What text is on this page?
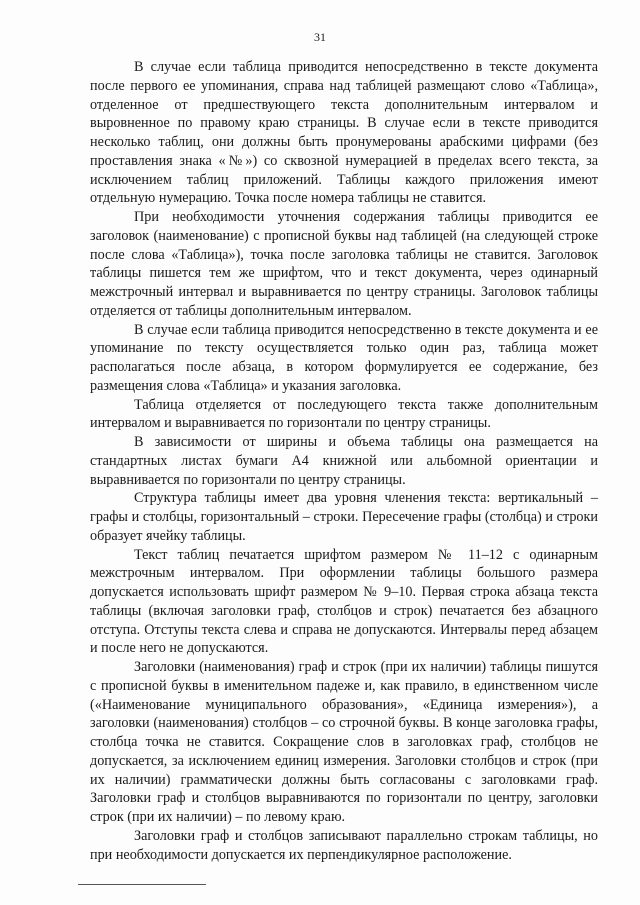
31

В случае если таблица приводится непосредственно в тексте документа после первого ее упоминания, справа над таблицей размещают слово «Таблица», отделенное от предшествующего текста дополнительным интервалом и выровненное по правому краю страницы. В случае если в тексте приводится несколько таблиц, они должны быть пронумерованы арабскими цифрами (без проставления знака «№») со сквозной нумерацией в пределах всего текста, за исключением таблиц приложений. Таблицы каждого приложения имеют отдельную нумерацию. Точка после номера таблицы не ставится.

При необходимости уточнения содержания таблицы приводится ее заголовок (наименование) с прописной буквы над таблицей (на следующей строке после слова «Таблица»), точка после заголовка таблицы не ставится. Заголовок таблицы пишется тем же шрифтом, что и текст документа, через одинарный межстрочный интервал и выравнивается по центру страницы. Заголовок таблицы отделяется от таблицы дополнительным интервалом.

В случае если таблица приводится непосредственно в тексте документа и ее упоминание по тексту осуществляется только один раз, таблица может располагаться после абзаца, в котором формулируется ее содержание, без размещения слова «Таблица» и указания заголовка.

Таблица отделяется от последующего текста также дополнительным интервалом и выравнивается по горизонтали по центру страницы.

В зависимости от ширины и объема таблицы она размещается на стандартных листах бумаги А4 книжной или альбомной ориентации и выравнивается по горизонтали по центру страницы.

Структура таблицы имеет два уровня членения текста: вертикальный – графы и столбцы, горизонтальный – строки. Пересечение графы (столбца) и строки образует ячейку таблицы.

Текст таблиц печатается шрифтом размером № 11–12 с одинарным межстрочным интервалом. При оформлении таблицы большого размера допускается использовать шрифт размером № 9–10. Первая строка абзаца текста таблицы (включая заголовки граф, столбцов и строк) печатается без абзацного отступа. Отступы текста слева и справа не допускаются. Интервалы перед абзацем и после него не допускаются.

Заголовки (наименования) граф и строк (при их наличии) таблицы пишутся с прописной буквы в именительном падеже и, как правило, в единственном числе («Наименование муниципального образования», «Единица измерения»), а заголовки (наименования) столбцов – со строчной буквы. В конце заголовка графы, столбца точка не ставится. Сокращение слов в заголовках граф, столбцов не допускается, за исключением единиц измерения. Заголовки столбцов и строк (при их наличии) грамматически должны быть согласованы с заголовками граф. Заголовки граф и столбцов выравниваются по горизонтали по центру, заголовки строк (при их наличии) – по левому краю.

Заголовки граф и столбцов записывают параллельно строкам таблицы, но при необходимости допускается их перпендикулярное расположение.
